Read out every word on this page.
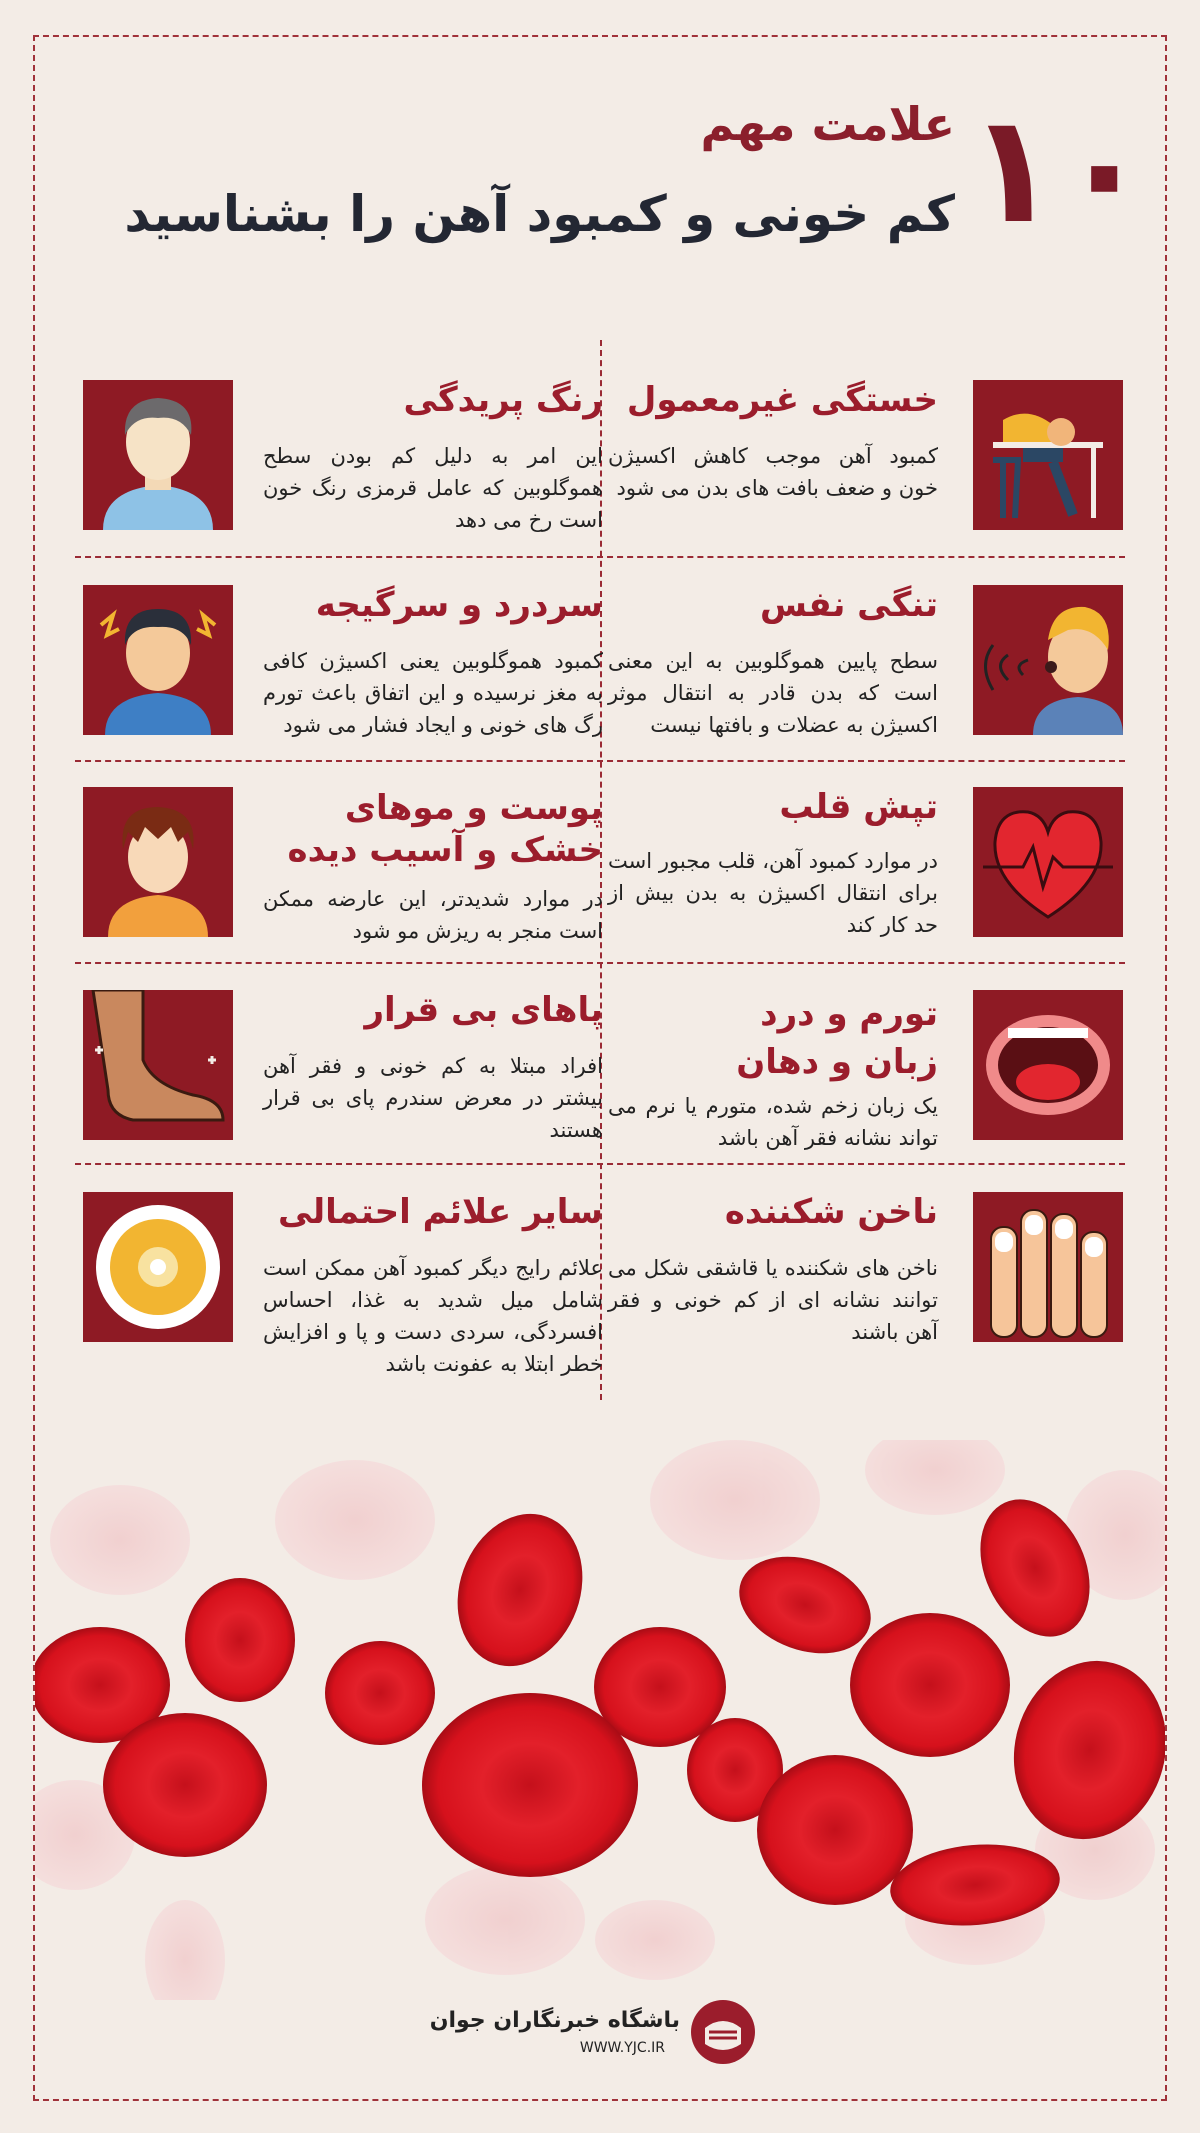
۱۰
علامت مهم
کم خونی و کمبود آهن را بشناسید
خستگی غیرمعمول
کمبود آهن موجب کاهش اکسیژن خون و ضعف بافت های بدن می شود
رنگ پریدگی
این امر به دلیل کم بودن سطح هموگلوبین که عامل قرمزی رنگ خون است رخ می دهد
تنگی نفس
سطح پایین هموگلوبین به این معنی است که بدن قادر به انتقال موثر اکسیژن به عضلات و بافتها نیست
سردرد و سرگیجه
کمبود هموگلوبین یعنی اکسیژن کافی به مغز نرسیده و این اتفاق باعث تورم رگ های خونی و ایجاد فشار می شود
تپش قلب
در موارد کمبود آهن، قلب مجبور است برای انتقال اکسیژن به بدن بیش از حد کار کند
پوست و موهای
خشک و آسیب دیده
در موارد شدیدتر، این عارضه ممکن است منجر به ریزش مو شود
تورم و درد
زبان و دهان
یک زبان زخم شده، متورم یا نرم می تواند نشانه فقر آهن باشد
پاهای بی قرار
افراد مبتلا به کم خونی و فقر آهن بیشتر در معرض سندرم پای بی قرار هستند
ناخن شکننده
ناخن های شکننده یا قاشقی شکل می توانند نشانه ای از کم خونی و فقر آهن باشند
سایر علائم احتمالی
علائم رایج دیگر کمبود آهن ممکن است شامل میل شدید به غذا، احساس افسردگی، سردی دست و پا و افزایش خطر ابتلا به عفونت باشد
باشگاه خبرنگاران جوان
WWW.YJC.IR
